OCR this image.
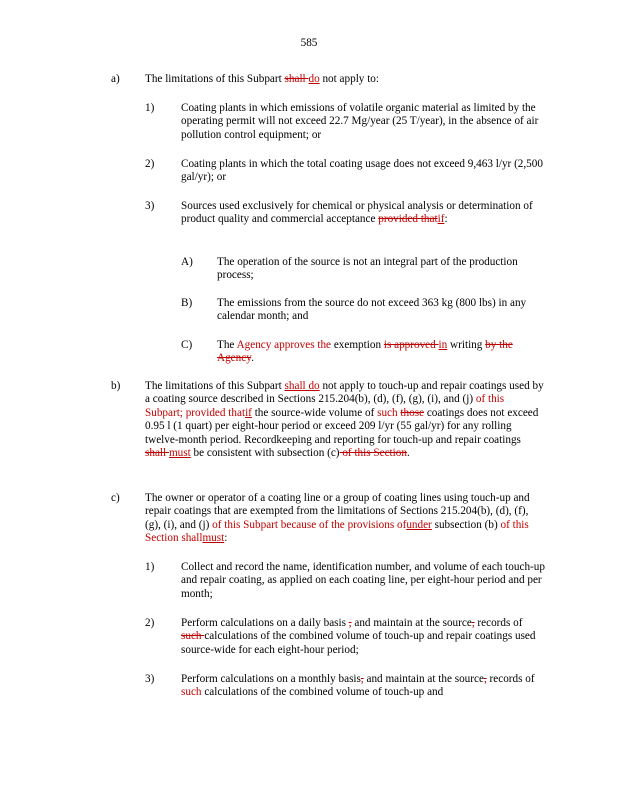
585
a) The limitations of this Subpart shall do not apply to:
1) Coating plants in which emissions of volatile organic material as limited by the operating permit will not exceed 22.7 Mg/year (25 T/year), in the absence of air pollution control equipment; or
2) Coating plants in which the total coating usage does not exceed 9,463 l/yr (2,500 gal/yr); or
3) Sources used exclusively for chemical or physical analysis or determination of product quality and commercial acceptance provided thatif:
A) The operation of the source is not an integral part of the production process;
B) The emissions from the source do not exceed 363 kg (800 lbs) in any calendar month; and
C) The Agency approves the exemption is approved in writing by the Agency.
b) The limitations of this Subpart shall do not apply to touch-up and repair coatings used by a coating source described in Sections 215.204(b), (d), (f), (g), (i), and (j) of this Subpart; provided thatif the source-wide volume of such those coatings does not exceed 0.95 l (1 quart) per eight-hour period or exceed 209 l/yr (55 gal/yr) for any rolling twelve-month period. Recordkeeping and reporting for touch-up and repair coatings shall must be consistent with subsection (c) of this Section.
c) The owner or operator of a coating line or a group of coating lines using touch-up and repair coatings that are exempted from the limitations of Sections 215.204(b), (d), (f), (g), (i), and (j) of this Subpart because of the provisions ofunder subsection (b) of this Section shallmust:
1) Collect and record the name, identification number, and volume of each touch-up and repair coating, as applied on each coating line, per eight-hour period and per month;
2) Perform calculations on a daily basis , and maintain at the source, records of such calculations of the combined volume of touch-up and repair coatings used source-wide for each eight-hour period;
3) Perform calculations on a monthly basis, and maintain at the source, records of such calculations of the combined volume of touch-up and
